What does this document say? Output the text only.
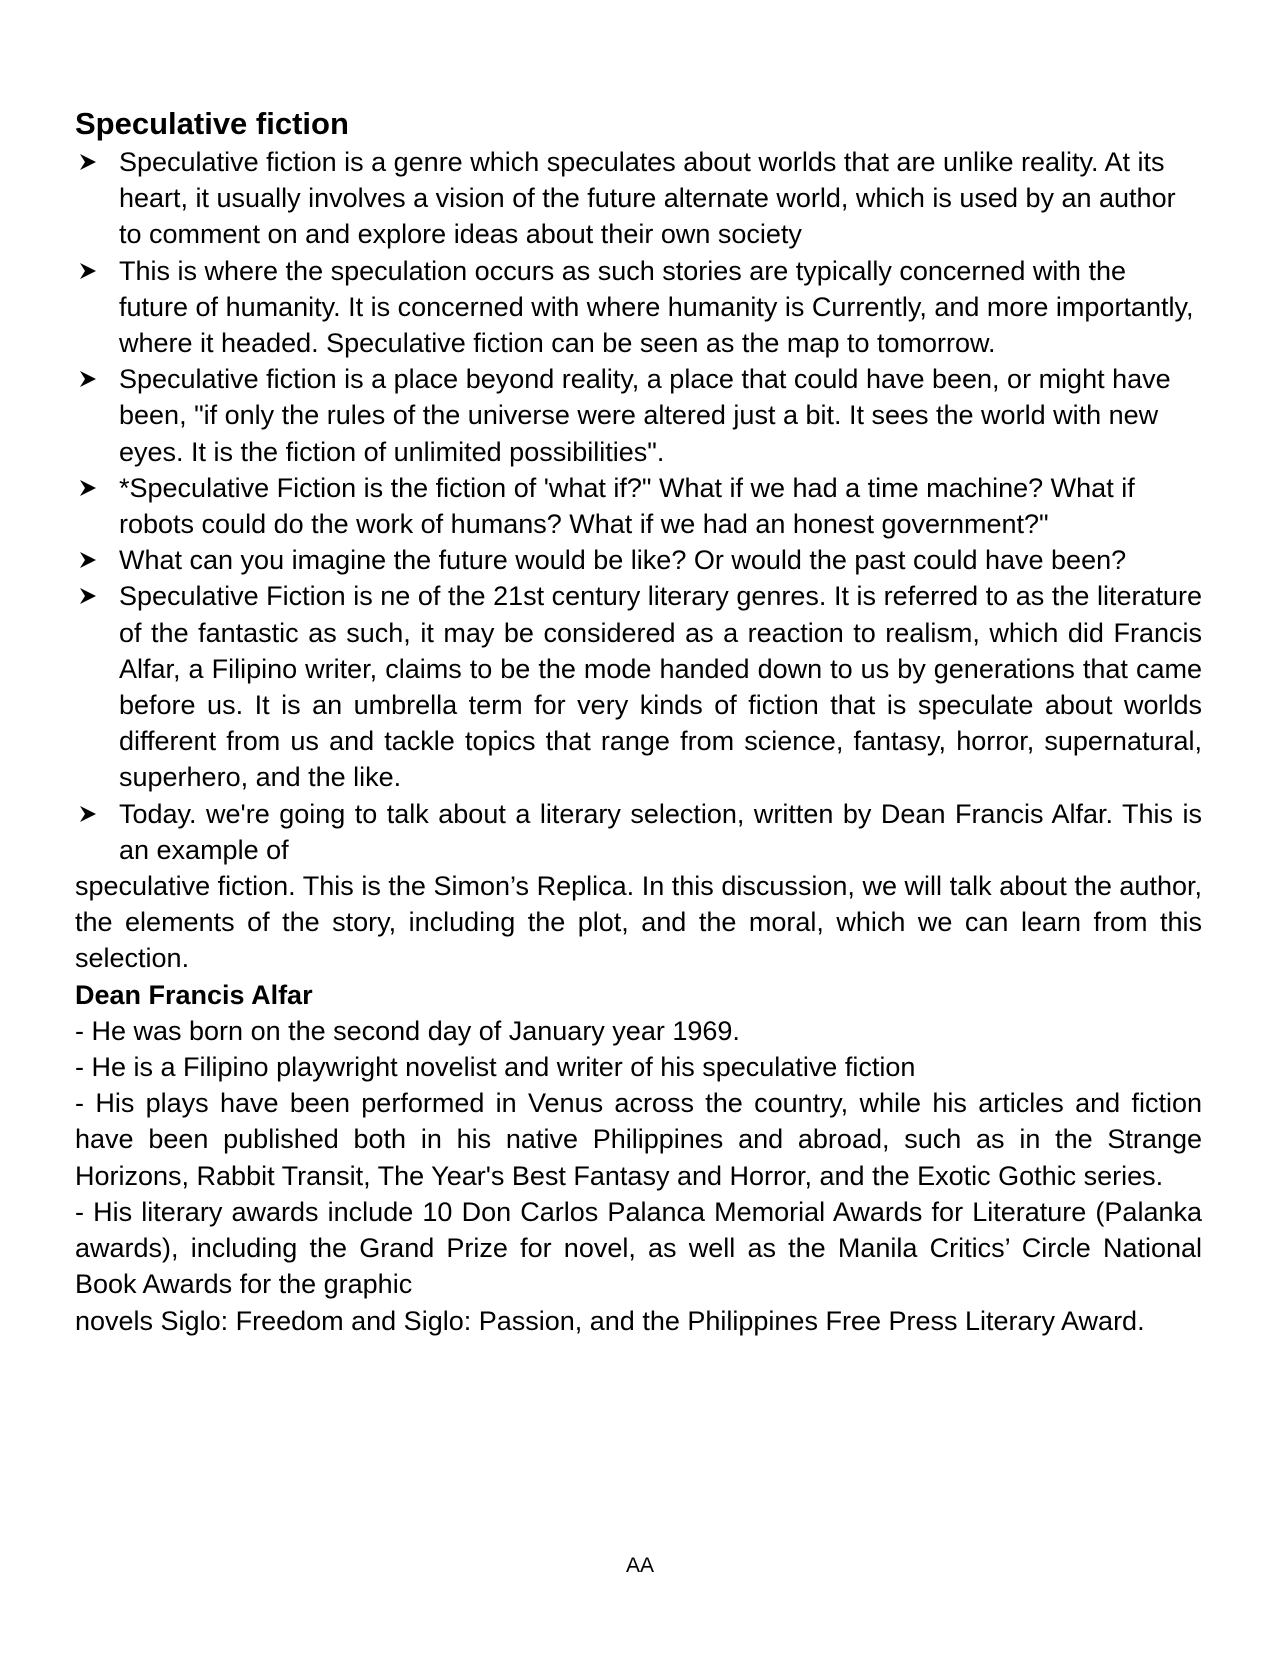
Speculative fiction
Speculative fiction is a genre which speculates about worlds that are unlike reality. At its heart, it usually involves a vision of the future alternate world, which is used by an author to comment on and explore ideas about their own society
This is where the speculation occurs as such stories are typically concerned with the future of humanity. It is concerned with where humanity is Currently, and more importantly, where it headed. Speculative fiction can be seen as the map to tomorrow.
Speculative fiction is a place beyond reality, a place that could have been, or might have been, "if only the rules of the universe were altered just a bit. It sees the world with new eyes. It is the fiction of unlimited possibilities".
*Speculative Fiction is the fiction of 'what if?" What if we had a time machine? What if robots could do the work of humans? What if we had an honest government?"
What can you imagine the future would be like? Or would the past could have been?
Speculative Fiction is ne of the 21st century literary genres. It is referred to as the literature of the fantastic as such, it may be considered as a reaction to realism, which did Francis Alfar, a Filipino writer, claims to be the mode handed down to us by generations that came before us. It is an umbrella term for very kinds of fiction that is speculate about worlds different from us and tackle topics that range from science, fantasy, horror, supernatural, superhero, and the like.
Today. we're going to talk about a literary selection, written by Dean Francis Alfar. This is an example of

speculative fiction. This is the Simon’s Replica. In this discussion, we will talk about the author, the elements of the story, including the plot, and the moral, which we can learn from this selection.

Dean Francis Alfar

- He was born on the second day of January year 1969.

- He is a Filipino playwright novelist and writer of his speculative fiction

- His plays have been performed in Venus across the country, while his articles and fiction have been published both in his native Philippines and abroad, such as in the Strange Horizons, Rabbit Transit, The Year's Best Fantasy and Horror, and the Exotic Gothic series.

- His literary awards include 10 Don Carlos Palanca Memorial Awards for Literature (Palanka awards), including the Grand Prize for novel, as well as the Manila Critics’ Circle National Book Awards for the graphic

novels Siglo: Freedom and Siglo: Passion, and the Philippines Free Press Literary Award.

AA
